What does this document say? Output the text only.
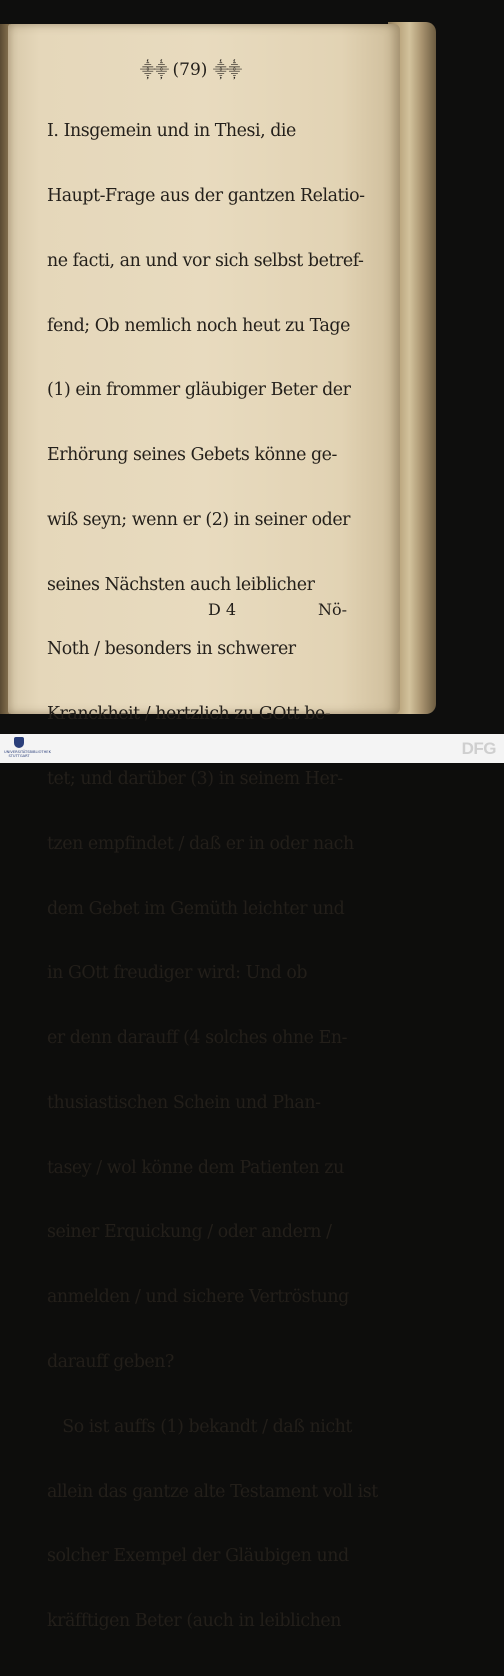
⸎⸎ (79) ⸎⸎

I. Insgemein und in Thesi, die

Haupt-Frage aus der gantzen Relatio-

ne facti, an und vor sich selbst betref-

fend; Ob nemlich noch heut zu Tage

(1) ein frommer gläubiger Beter der

Erhörung seines Gebets könne ge-

wiß seyn; wenn er (2) in seiner oder

seines Nächsten auch leiblicher

Noth / besonders in schwerer

Kranckheit / hertzlich zu GOtt be-

tet; und darüber (3) in seinem Her-

tzen empfindet / daß er in oder nach

dem Gebet im Gemüth leichter und

in GOtt freudiger wird: Und ob

er denn darauff (4 solches ohne En-

thusiastischen Schein und Phan-

tasey / wol könne dem Patienten zu

seiner Erquickung / oder andern /

anmelden / und sichere Vertröstung

darauff geben?

So ist auffs (1) bekandt / daß nicht

allein das gantze alte Testament voll ist

solcher Exempel der Gläubigen und

kräfftigen Beter (auch in leiblichen

D 4	Nö-
UNIVERSITÄTSBIBLIOTHEK STUTTGART	DFG
